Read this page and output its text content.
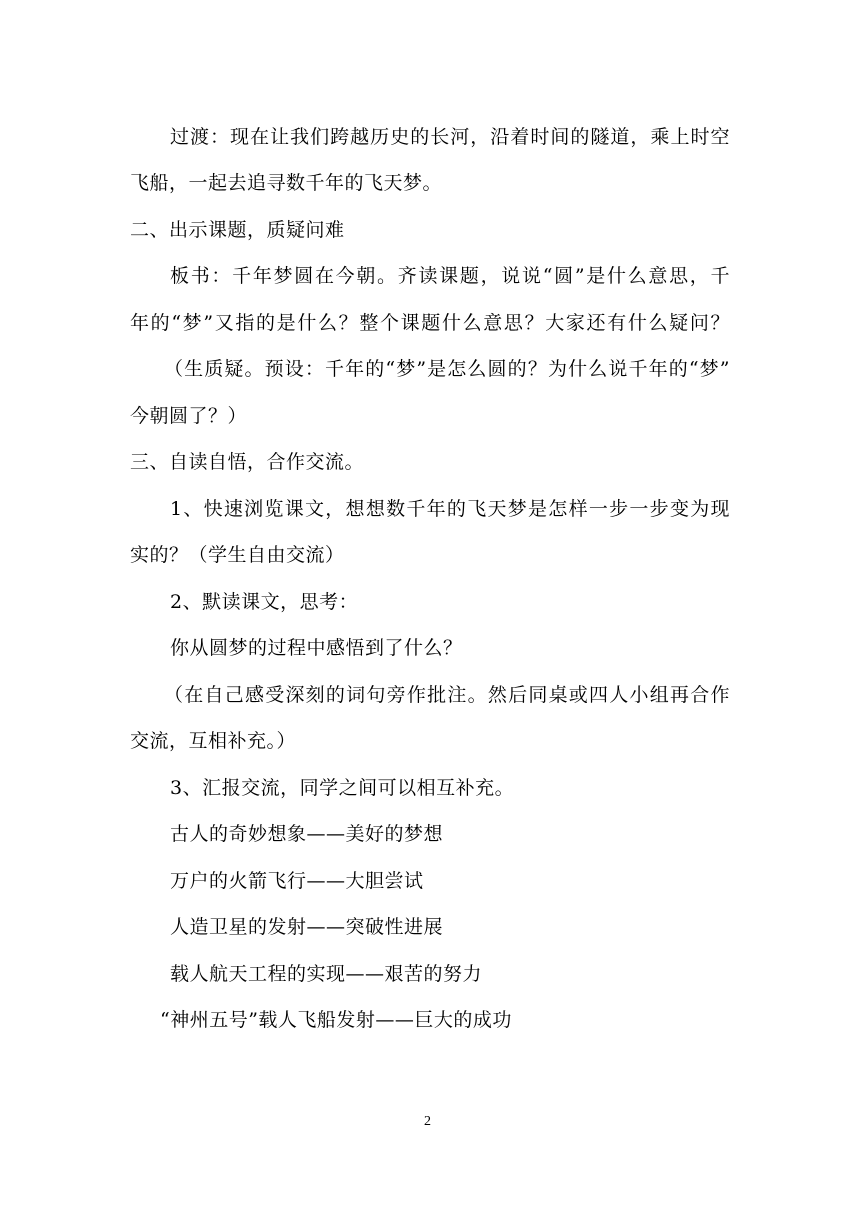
过渡：现在让我们跨越历史的长河，沿着时间的隧道，乘上时空
飞船，一起去追寻数千年的飞天梦。
二、出示课题，质疑问难
板书：千年梦圆在今朝。齐读课题，说说“圆”是什么意思，千
年的“梦”又指的是什么？整个课题什么意思？大家还有什么疑问？
（生质疑。预设：千年的“梦”是怎么圆的？为什么说千年的“梦”
今朝圆了？）
三、自读自悟，合作交流。
1、快速浏览课文，想想数千年的飞天梦是怎样一步一步变为现
实的？（学生自由交流）
2、默读课文，思考：
你从圆梦的过程中感悟到了什么？
（在自己感受深刻的词句旁作批注。然后同桌或四人小组再合作
交流，互相补充。）
3、汇报交流，同学之间可以相互补充。
古人的奇妙想象——美好的梦想
万户的火箭飞行——大胆尝试
人造卫星的发射——突破性进展
载人航天工程的实现——艰苦的努力
“神州五号”载人飞船发射——巨大的成功
2
